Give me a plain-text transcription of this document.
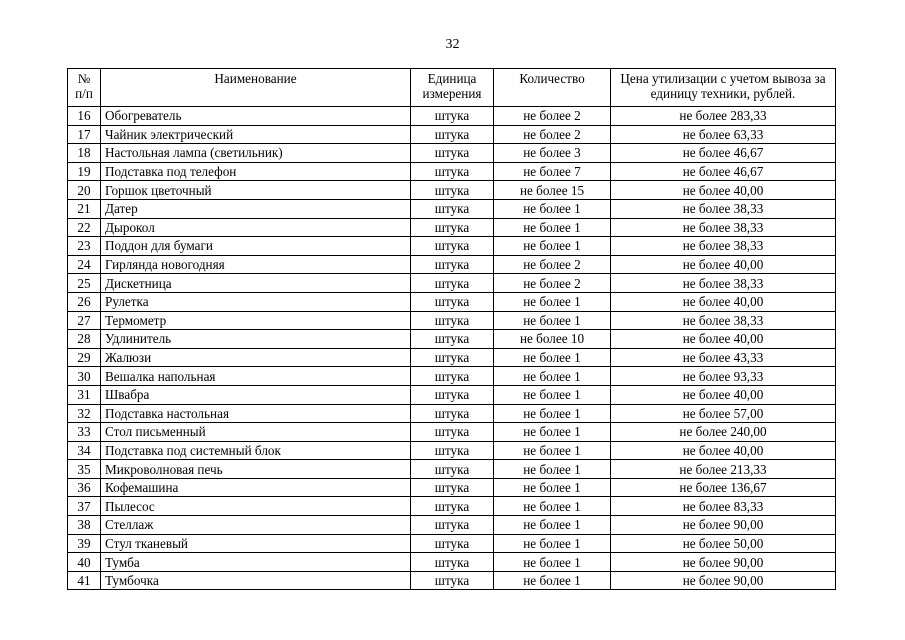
32
№ п/п	Наименование	Единица измерения	Количество	Цена утилизации с учетом вывоза за единицу техники, рублей.
16	Обогреватель	штука	не более 2	не более 283,33
17	Чайник электрический	штука	не более 2	не более 63,33
18	Настольная лампа (светильник)	штука	не более 3	не более 46,67
19	Подставка под телефон	штука	не более 7	не более 46,67
20	Горшок цветочный	штука	не более 15	не более 40,00
21	Датер	штука	не более 1	не более 38,33
22	Дырокол	штука	не более 1	не более 38,33
23	Поддон для бумаги	штука	не более 1	не более 38,33
24	Гирлянда новогодняя	штука	не более 2	не более 40,00
25	Дискетница	штука	не более 2	не более 38,33
26	Рулетка	штука	не более 1	не более 40,00
27	Термометр	штука	не более 1	не более 38,33
28	Удлинитель	штука	не более 10	не более 40,00
29	Жалюзи	штука	не более 1	не более 43,33
30	Вешалка напольная	штука	не более 1	не более 93,33
31	Швабра	штука	не более 1	не более 40,00
32	Подставка настольная	штука	не более 1	не более 57,00
33	Стол письменный	штука	не более 1	не более 240,00
34	Подставка под системный блок	штука	не более 1	не более 40,00
35	Микроволновая печь	штука	не более 1	не более 213,33
36	Кофемашина	штука	не более 1	не более 136,67
37	Пылесос	штука	не более 1	не более 83,33
38	Стеллаж	штука	не более 1	не более 90,00
39	Стул тканевый	штука	не более 1	не более 50,00
40	Тумба	штука	не более 1	не более 90,00
41	Тумбочка	штука	не более 1	не более 90,00
